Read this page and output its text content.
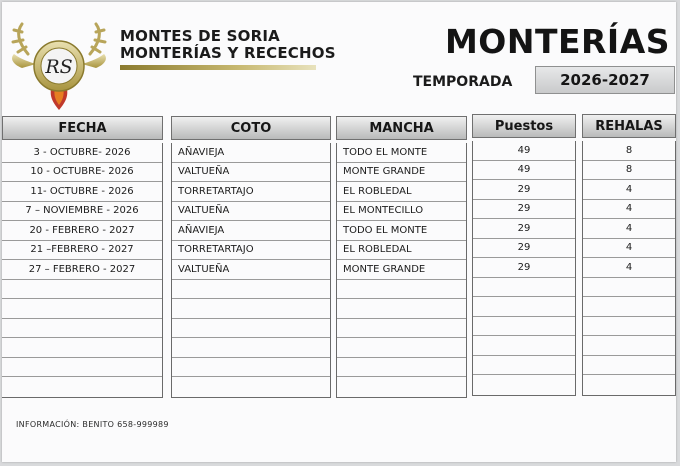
RS
MONTES DE SORIA
MONTERÍAS Y RECECHOS	MONTERÍAS
TEMPORADA	2026-2027
FECHA
3 - OCTUBRE- 2026
10 - OCTUBRE- 2026
11- OCTUBRE - 2026
7 – NOVIEMBRE - 2026
20 - FEBRERO - 2027
21 –FEBRERO - 2027
27 – FEBRERO - 2027
COTO
AÑAVIEJA
VALTUEÑA
TORRETARTAJO
VALTUEÑA
AÑAVIEJA
TORRETARTAJO
VALTUEÑA
MANCHA
TODO EL MONTE
MONTE GRANDE
EL ROBLEDAL
EL MONTECILLO
TODO EL MONTE
EL ROBLEDAL
MONTE GRANDE
Puestos
49
49
29
29
29
29
29
REHALAS
8
8
4
4
4
4
4
INFORMACIÓN: BENITO 658-999989
